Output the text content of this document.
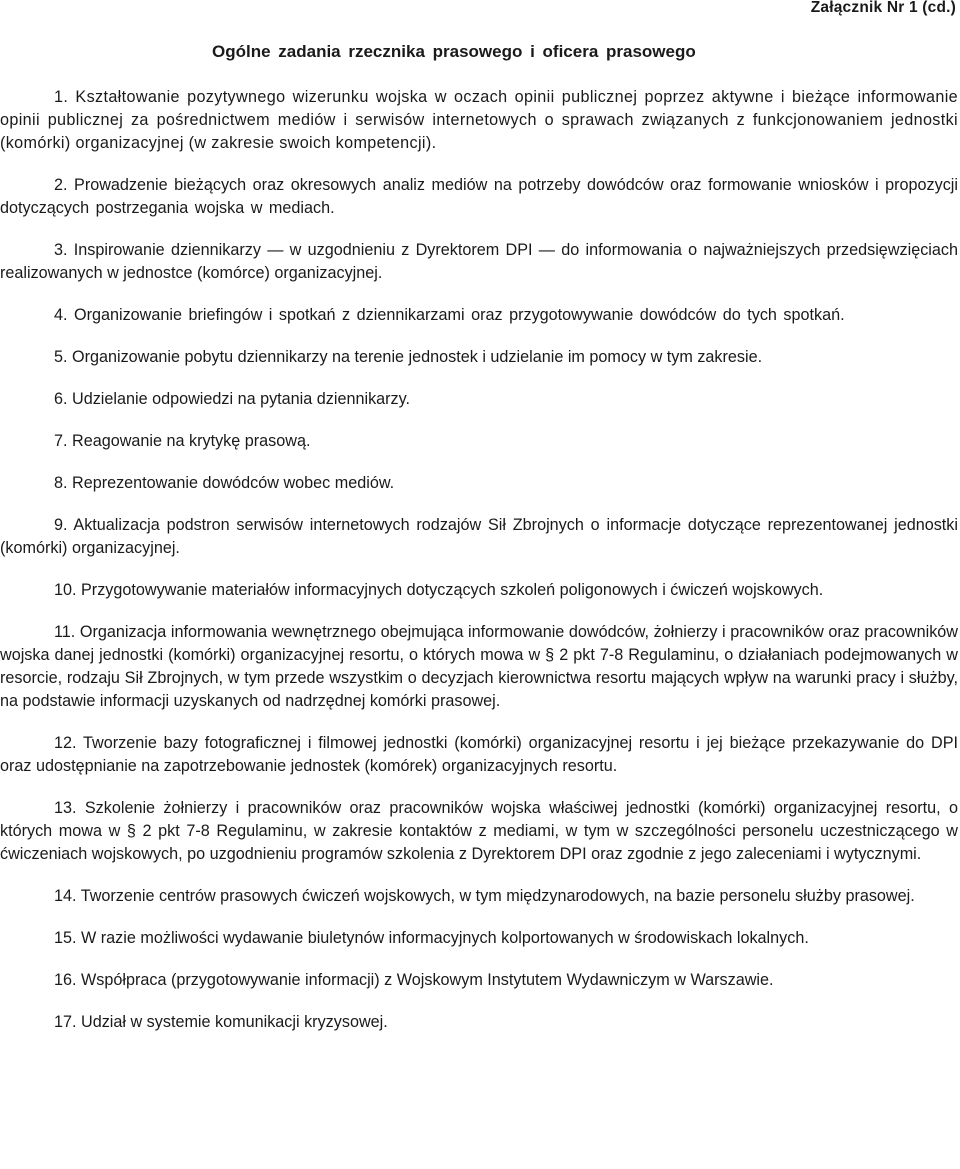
Załącznik Nr 1 (cd.)
Ogólne zadania rzecznika prasowego i oficera prasowego

1. Kształtowanie pozytywnego wizerunku wojska w oczach opinii publicznej poprzez aktywne i bieżące informowanie opinii publicznej za pośrednictwem mediów i serwisów internetowych o sprawach związanych z funkcjonowaniem jednostki (komórki) organizacyjnej (w zakresie swoich kompetencji).

2. Prowadzenie bieżących oraz okresowych analiz mediów na potrzeby dowódców oraz formowanie wniosków i propozycji dotyczących postrzegania wojska w mediach.

3. Inspirowanie dziennikarzy — w uzgodnieniu z Dyrektorem DPI — do informowania o najważniejszych przedsięwzięciach realizowanych w jednostce (komórce) organizacyjnej.

4. Organizowanie briefingów i spotkań z dziennikarzami oraz przygotowywanie dowódców do tych spotkań.

5. Organizowanie pobytu dziennikarzy na terenie jednostek i udzielanie im pomocy w tym zakresie.

6. Udzielanie odpowiedzi na pytania dziennikarzy.

7. Reagowanie na krytykę prasową.

8. Reprezentowanie dowódców wobec mediów.

9. Aktualizacja podstron serwisów internetowych rodzajów Sił Zbrojnych o informacje dotyczące reprezentowanej jednostki (komórki) organizacyjnej.

10. Przygotowywanie materiałów informacyjnych dotyczących szkoleń poligonowych i ćwiczeń wojskowych.

11. Organizacja informowania wewnętrznego obejmująca informowanie dowódców, żołnierzy i pracowników oraz pracowników wojska danej jednostki (komórki) organizacyjnej resortu, o których mowa w § 2 pkt 7-8 Regulaminu, o działaniach podejmowanych w resorcie, rodzaju Sił Zbrojnych, w tym przede wszystkim o decyzjach kierownictwa resortu mających wpływ na warunki pracy i służby, na podstawie informacji uzyskanych od nadrzędnej komórki prasowej.

12. Tworzenie bazy fotograficznej i filmowej jednostki (komórki) organizacyjnej resortu i jej bieżące przekazywanie do DPI oraz udostępnianie na zapotrzebowanie jednostek (komórek) organizacyjnych resortu.

13. Szkolenie żołnierzy i pracowników oraz pracowników wojska właściwej jednostki (komórki) organizacyjnej resortu, o których mowa w § 2 pkt 7-8 Regulaminu, w zakresie kontaktów z mediami, w tym w szczególności personelu uczestniczącego w ćwiczeniach wojskowych, po uzgodnieniu programów szkolenia z Dyrektorem DPI oraz zgodnie z jego zaleceniami i wytycznymi.

14. Tworzenie centrów prasowych ćwiczeń wojskowych, w tym międzynarodowych, na bazie personelu służby prasowej.

15. W razie możliwości wydawanie biuletynów informacyjnych kolportowanych w środowiskach lokalnych.

16. Współpraca (przygotowywanie informacji) z Wojskowym Instytutem Wydawniczym w Warszawie.

17. Udział w systemie komunikacji kryzysowej.
